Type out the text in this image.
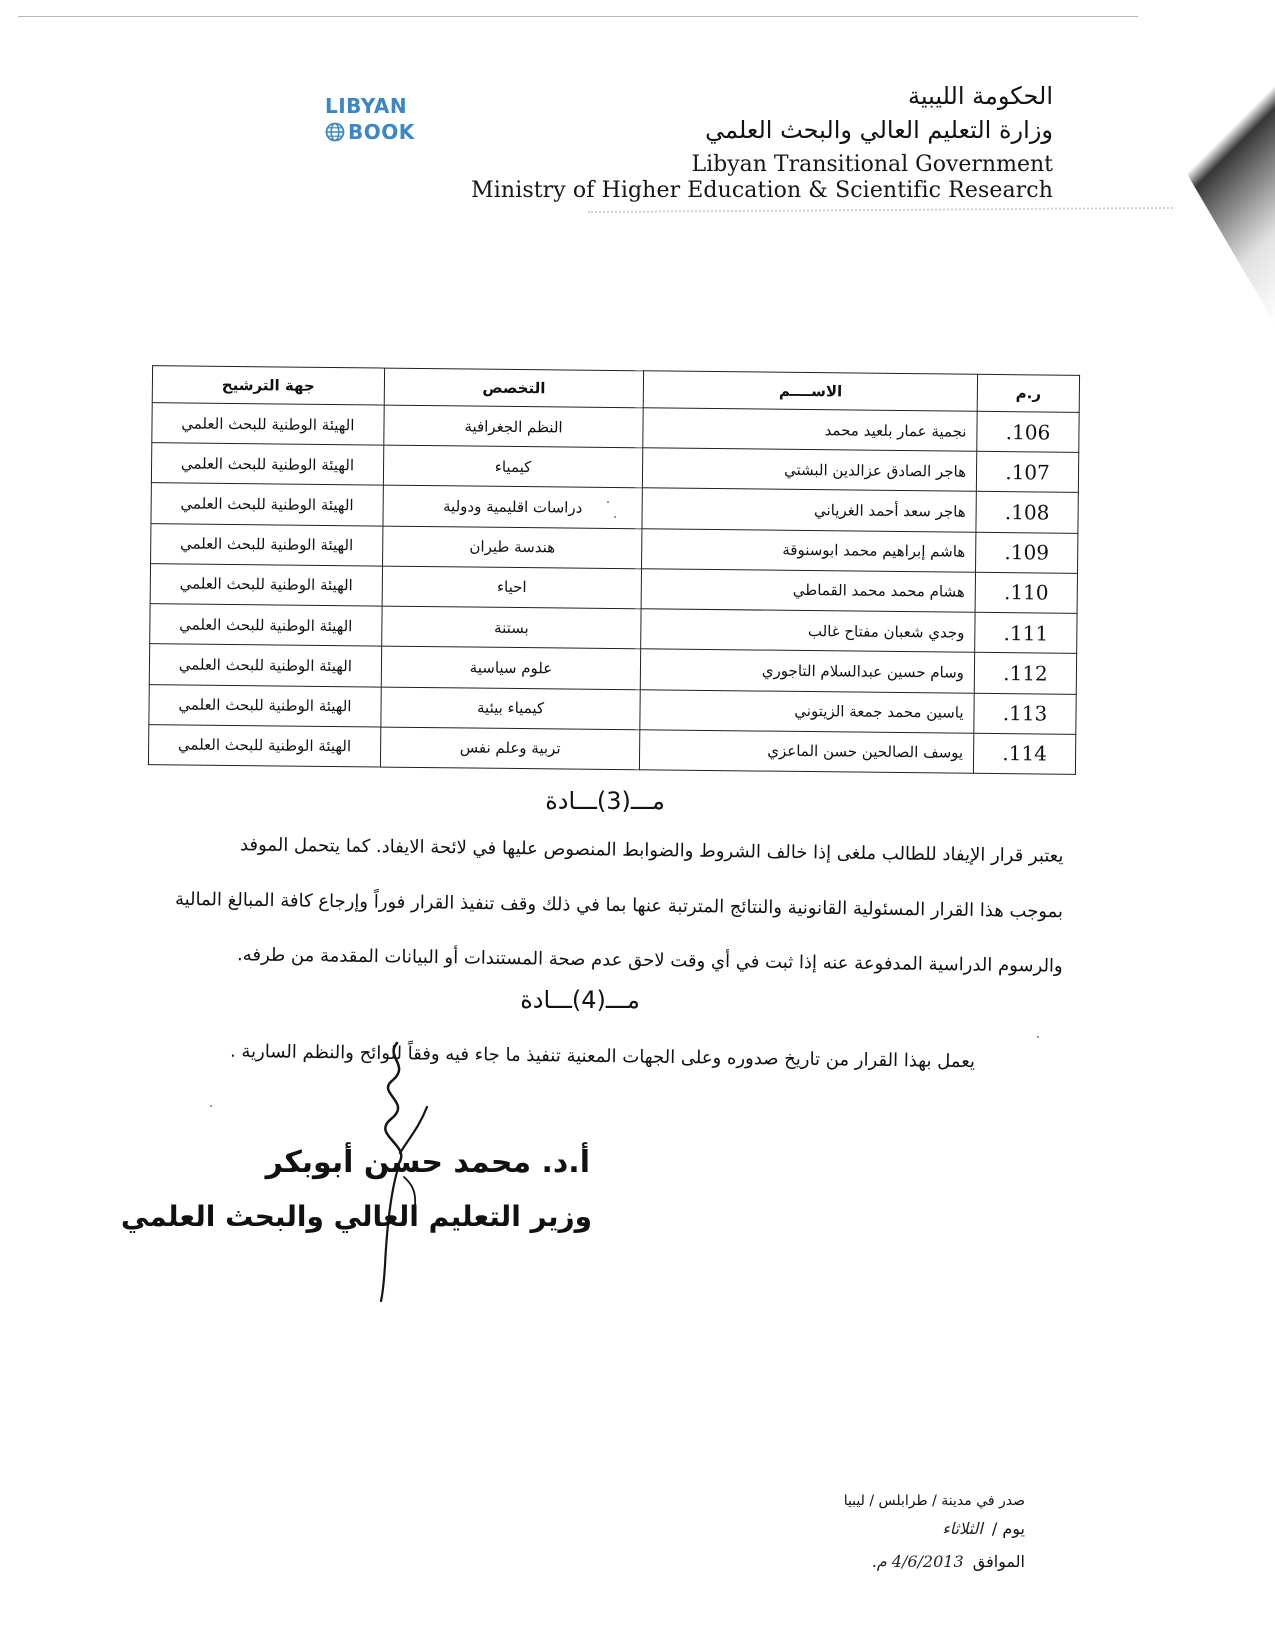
LIBYAN
BOOK
الحكومة الليبية
وزارة التعليم العالي والبحث العلمي
Libyan Transitional Government
Ministry of Higher Education & Scientific Research
ر.م	الاســــم	التخصص	جهة الترشيح
.106	نجمية عمار بلعيد محمد	النظم الجغرافية	الهيئة الوطنية للبحث العلمي
.107	هاجر الصادق عزالدين البشتي	كيمياء	الهيئة الوطنية للبحث العلمي
.108	هاجر سعد أحمد الغرياني	دراسات اقليمية ودولية	الهيئة الوطنية للبحث العلمي
.109	هاشم إبراهيم محمد ابوسنوقة	هندسة طيران	الهيئة الوطنية للبحث العلمي
.110	هشام محمد محمد القماطي	احياء	الهيئة الوطنية للبحث العلمي
.111	وجدي شعبان مفتاح غالب	بستنة	الهيئة الوطنية للبحث العلمي
.112	وسام حسين عبدالسلام التاجوري	علوم سياسية	الهيئة الوطنية للبحث العلمي
.113	ياسين محمد جمعة الزيتوني	كيمياء بيئية	الهيئة الوطنية للبحث العلمي
.114	يوسف الصالحين حسن الماعزي	تربية وعلم نفس	الهيئة الوطنية للبحث العلمي
مـــ(3)ـــادة
يعتبر قرار الإيفاد للطالب ملغى إذا خالف الشروط والضوابط المنصوص عليها في لائحة الايفاد. كما يتحمل الموفد
بموجب هذا القرار المسئولية القانونية والنتائج المترتبة عنها بما في ذلك وقف تنفيذ القرار فوراً وإرجاع كافة المبالغ المالية
والرسوم الدراسية المدفوعة عنه إذا ثبت في أي وقت لاحق عدم صحة المستندات أو البيانات المقدمة من طرفه.
مـــ(4)ـــادة
يعمل بهذا القرار من تاريخ صدوره وعلى الجهات المعنية تنفيذ ما جاء فيه وفقاً للوائح والنظم السارية .
أ.د. محمد حسن أبوبكر
وزير التعليم العالي والبحث العلمي
صدر في مدينة / طرابلس / ليبيا
يوم / الثلاثاء
الموافق 4/6/2013 م.
